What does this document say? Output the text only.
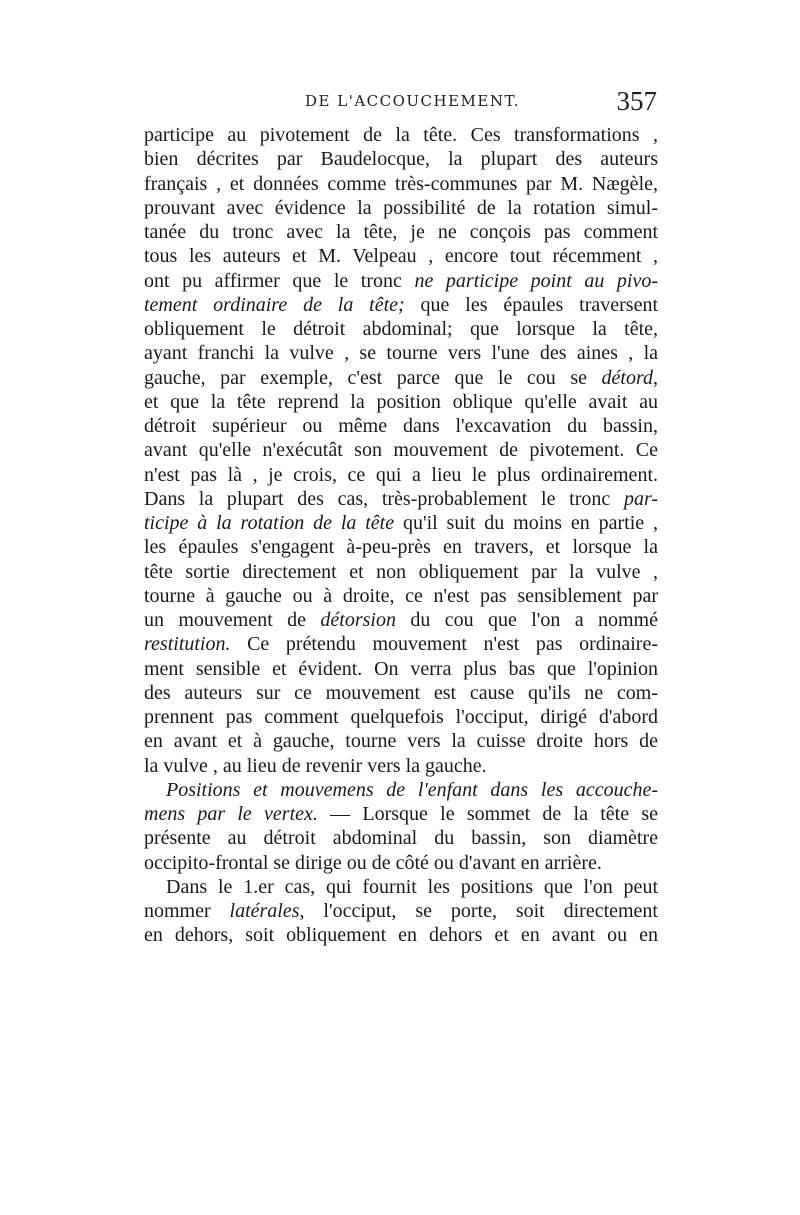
DE L'ACCOUCHEMENT.	357
participe au pivotement de la tête. Ces transformations ,
bien décrites par Baudelocque, la plupart des auteurs
français , et données comme très-communes par M. Nægèle,
prouvant avec évidence la possibilité de la rotation simul-
tanée du tronc avec la tête, je ne conçois pas comment
tous les auteurs et M. Velpeau , encore tout récemment ,
ont pu affirmer que le tronc ne participe point au pivo-
tement ordinaire de la tête; que les épaules traversent
obliquement le détroit abdominal; que lorsque la tête,
ayant franchi la vulve , se tourne vers l'une des aines , la
gauche, par exemple, c'est parce que le cou se détord,
et que la tête reprend la position oblique qu'elle avait au
détroit supérieur ou même dans l'excavation du bassin,
avant qu'elle n'exécutât son mouvement de pivotement. Ce
n'est pas là , je crois, ce qui a lieu le plus ordinairement.
Dans la plupart des cas, très-probablement le tronc par-
ticipe à la rotation de la tête qu'il suit du moins en partie ,
les épaules s'engagent à-peu-près en travers, et lorsque la
tête sortie directement et non obliquement par la vulve ,
tourne à gauche ou à droite, ce n'est pas sensiblement par
un mouvement de détorsion du cou que l'on a nommé
restitution. Ce prétendu mouvement n'est pas ordinaire-
ment sensible et évident. On verra plus bas que l'opinion
des auteurs sur ce mouvement est cause qu'ils ne com-
prennent pas comment quelquefois l'occiput, dirigé d'abord
en avant et à gauche, tourne vers la cuisse droite hors de
la vulve , au lieu de revenir vers la gauche.
Positions et mouvemens de l'enfant dans les accouche-
mens par le vertex. — Lorsque le sommet de la tête se
présente au détroit abdominal du bassin, son diamètre
occipito-frontal se dirige ou de côté ou d'avant en arrière.
Dans le 1.er cas, qui fournit les positions que l'on peut
nommer latérales, l'occiput, se porte, soit directement
en dehors, soit obliquement en dehors et en avant ou en
